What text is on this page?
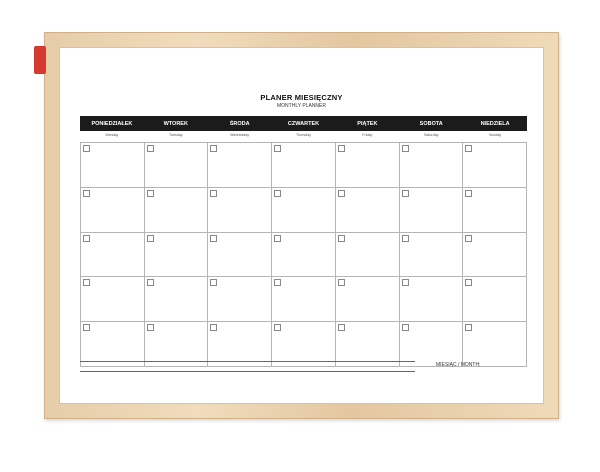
PLANER MIESIĘCZNY
MONTHLY PLANNER
PONIEDZIAŁEK	WTOREK	ŚRODA	CZWARTEK	PIĄTEK	SOBOTA	NIEDZIELA
Monday	Tuesday	Wednesday	Thursday	Friday	Saturday	Sunday
MIESIĄC / MONTH:
